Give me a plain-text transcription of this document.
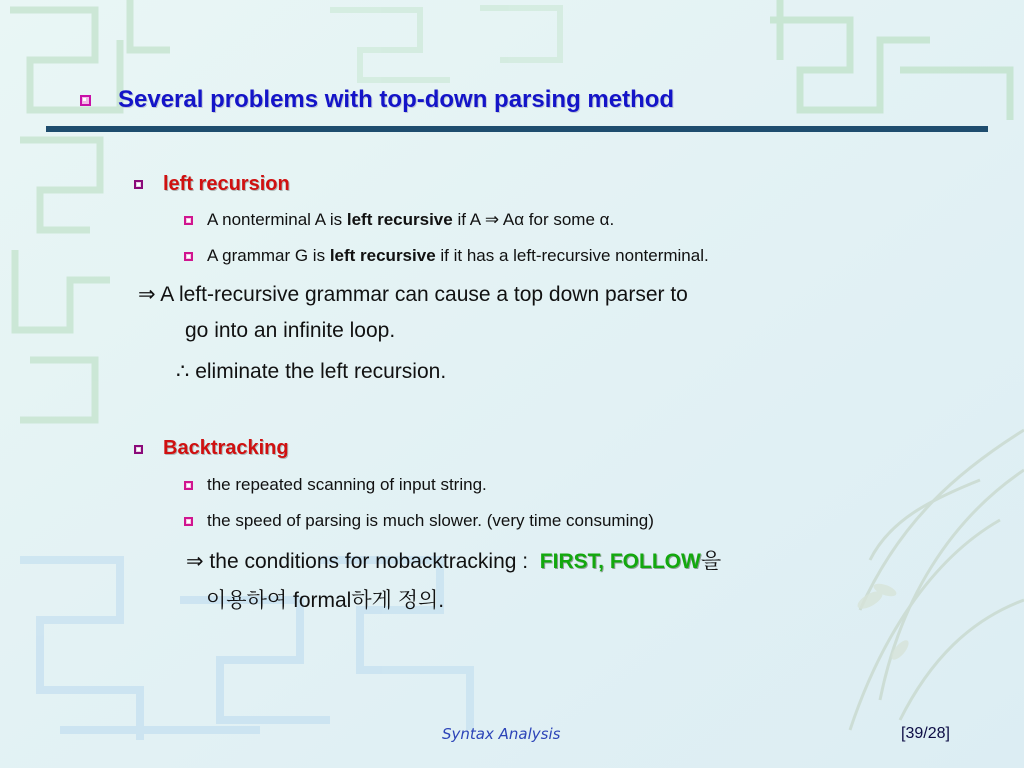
Several problems with top-down parsing method
left recursion
A nonterminal A is left recursive if A ⇒ Aα for some α.
A grammar G is left recursive if it has a left-recursive nonterminal.
⇒ A left-recursive grammar can cause a top down parser to
go into an infinite loop.
∴ eliminate the left recursion.
Backtracking
the repeated scanning of input string.
the speed of parsing is much slower. (very time consuming)
⇒ the conditions for nobacktracking : FIRST, FOLLOW을
이용하여 formal하게 정의.
Syntax Analysis	[39/28]
